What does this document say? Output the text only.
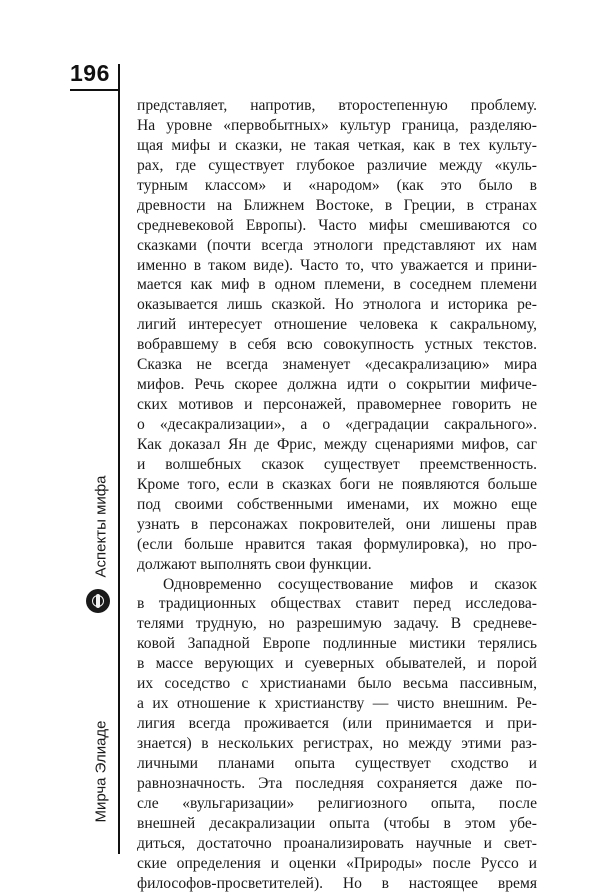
196
Аспекты мифа
Мирча Элиаде
представляет, напротив, второстепенную проблему.
На уровне «первобытных» культур граница, разделяю-
щая мифы и сказки, не такая четкая, как в тех культу-
рах, где существует глубокое различие между «куль-
турным классом» и «народом» (как это было в
древности на Ближнем Востоке, в Греции, в странах
средневековой Европы). Часто мифы смешиваются со
сказками (почти всегда этнологи представляют их нам
именно в таком виде). Часто то, что уважается и прини-
мается как миф в одном племени, в соседнем племени
оказывается лишь сказкой. Но этнолога и историка ре-
лигий интересует отношение человека к сакральному,
вобравшему в себя всю совокупность устных текстов.
Сказка не всегда знаменует «десакрализацию» мира
мифов. Речь скорее должна идти о сокрытии мифиче-
ских мотивов и персонажей, правомернее говорить не
о «десакрализации», а о «деградации сакрального».
Как доказал Ян де Фрис, между сценариями мифов, саг
и волшебных сказок существует преемственность.
Кроме того, если в сказках боги не появляются больше
под своими собственными именами, их можно еще
узнать в персонажах покровителей, они лишены прав
(если больше нравится такая формулировка), но про-
должают выполнять свои функции.
Одновременно сосуществование мифов и сказок
в традиционных обществах ставит перед исследова-
телями трудную, но разрешимую задачу. В средневе-
ковой Западной Европе подлинные мистики терялись
в массе верующих и суеверных обывателей, и порой
их соседство с христианами было весьма пассивным,
а их отношение к христианству — чисто внешним. Ре-
лигия всегда проживается (или принимается и при-
знается) в нескольких регистрах, но между этими раз-
личными планами опыта существует сходство и
равнозначность. Эта последняя сохраняется даже по-
сле «вульгаризации» религиозного опыта, после
внешней десакрализации опыта (чтобы в этом убе-
диться, достаточно проанализировать научные и свет-
ские определения и оценки «Природы» после Руссо и
философов-просветителей). Но в настоящее время
